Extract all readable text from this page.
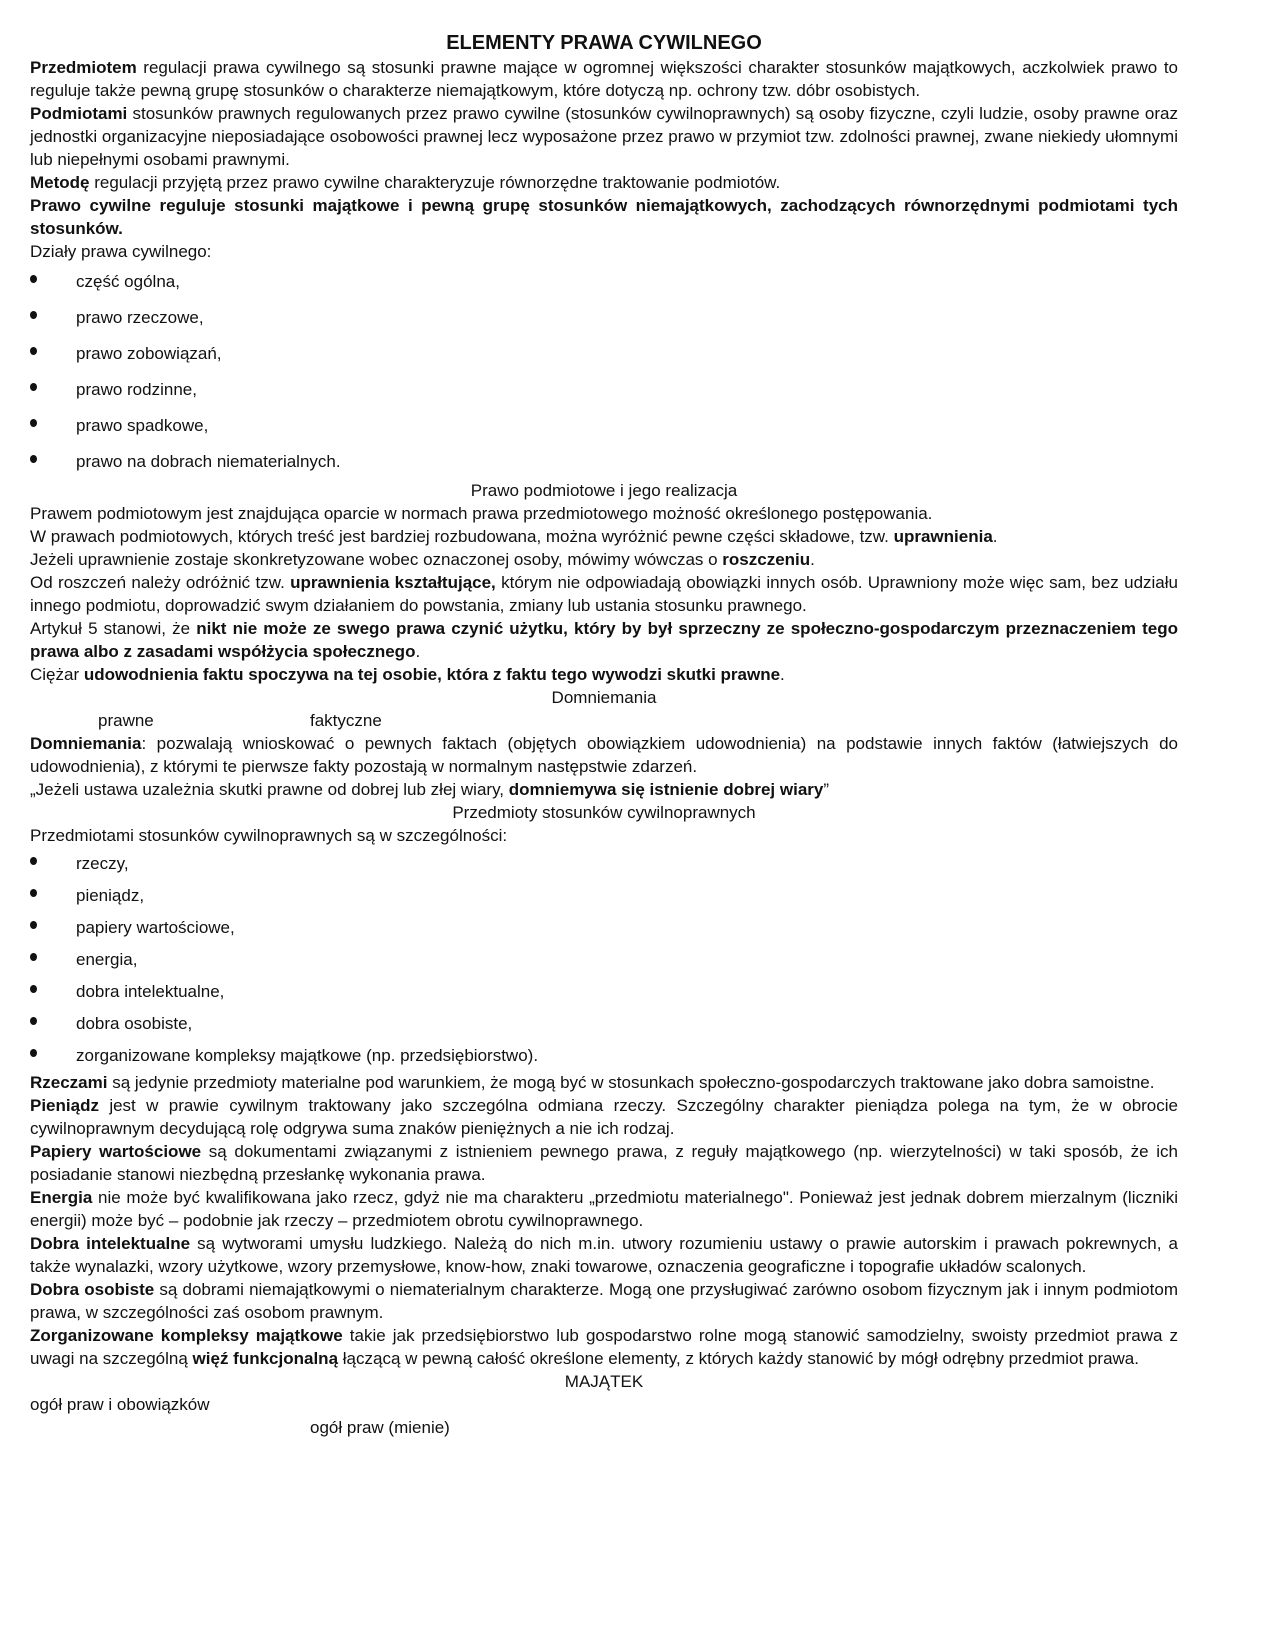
ELEMENTY PRAWA CYWILNEGO

Przedmiotem regulacji prawa cywilnego są stosunki prawne mające w ogromnej większości charakter stosunków majątkowych, aczkolwiek prawo to reguluje także pewną grupę stosunków o charakterze niemajątkowym, które dotyczą np. ochrony tzw. dóbr osobistych.

Podmiotami stosunków prawnych regulowanych przez prawo cywilne (stosunków cywilnoprawnych) są osoby fizyczne, czyli ludzie, osoby prawne oraz jednostki organizacyjne nieposiadające osobowości prawnej lecz wyposażone przez prawo w przymiot tzw. zdolności prawnej, zwane niekiedy ułomnymi lub niepełnymi osobami prawnymi.

Metodę regulacji przyjętą przez prawo cywilne charakteryzuje równorzędne traktowanie podmiotów.

Prawo cywilne reguluje stosunki majątkowe i pewną grupę stosunków niemajątkowych, zachodzących równorzędnymi podmiotami tych stosunków.

Działy prawa cywilnego:

część ogólna,
prawo rzeczowe,
prawo zobowiązań,
prawo rodzinne,
prawo spadkowe,
prawo na dobrach niematerialnych.

Prawo podmiotowe i jego realizacja

Prawem podmiotowym jest znajdująca oparcie w normach prawa przedmiotowego możność określonego postępowania.

W prawach podmiotowych, których treść jest bardziej rozbudowana, można wyróżnić pewne części składowe, tzw. uprawnienia.

Jeżeli uprawnienie zostaje skonkretyzowane wobec oznaczonej osoby, mówimy wówczas o roszczeniu.

Od roszczeń należy odróżnić tzw. uprawnienia kształtujące, którym nie odpowiadają obowiązki innych osób. Uprawniony może więc sam, bez udziału innego podmiotu, doprowadzić swym działaniem do powstania, zmiany lub ustania stosunku prawnego.

Artykuł 5 stanowi, że nikt nie może ze swego prawa czynić użytku, który by był sprzeczny ze społeczno-gospodarczym przeznaczeniem tego prawa albo z zasadami współżycia społecznego.

Ciężar udowodnienia faktu spoczywa na tej osobie, która z faktu tego wywodzi skutki prawne.

Domniemania

prawne	faktyczne

Domniemania: pozwalają wnioskować o pewnych faktach (objętych obowiązkiem udowodnienia) na podstawie innych faktów (łatwiejszych do udowodnienia), z którymi te pierwsze fakty pozostają w normalnym następstwie zdarzeń.

„Jeżeli ustawa uzależnia skutki prawne od dobrej lub złej wiary, domniemywa się istnienie dobrej wiary”

Przedmioty stosunków cywilnoprawnych

Przedmiotami stosunków cywilnoprawnych są w szczególności:

rzeczy,
pieniądz,
papiery wartościowe,
energia,
dobra intelektualne,
dobra osobiste,
zorganizowane kompleksy majątkowe (np. przedsiębiorstwo).

Rzeczami są jedynie przedmioty materialne pod warunkiem, że mogą być w stosunkach społeczno-gospodarczych traktowane jako dobra samoistne.

Pieniądz jest w prawie cywilnym traktowany jako szczególna odmiana rzeczy. Szczególny charakter pieniądza polega na tym, że w obrocie cywilnoprawnym decydującą rolę odgrywa suma znaków pieniężnych a nie ich rodzaj.

Papiery wartościowe są dokumentami związanymi z istnieniem pewnego prawa, z reguły majątkowego (np. wierzytelności) w taki sposób, że ich posiadanie stanowi niezbędną przesłankę wykonania prawa.

Energia nie może być kwalifikowana jako rzecz, gdyż nie ma charakteru „przedmiotu materialnego". Ponieważ jest jednak dobrem mierzalnym (liczniki energii) może być – podobnie jak rzeczy – przedmiotem obrotu cywilnoprawnego.

Dobra intelektualne są wytworami umysłu ludzkiego. Należą do nich m.in. utwory rozumieniu ustawy o prawie autorskim i prawach pokrewnych, a także wynalazki, wzory użytkowe, wzory przemysłowe, know-how, znaki towarowe, oznaczenia geograficzne i topografie układów scalonych.

Dobra osobiste są dobrami niemajątkowymi o niematerialnym charakterze. Mogą one przysługiwać zarówno osobom fizycznym jak i innym podmiotom prawa, w szczególności zaś osobom prawnym.

Zorganizowane kompleksy majątkowe takie jak przedsiębiorstwo lub gospodarstwo rolne mogą stanowić samodzielny, swoisty przedmiot prawa z uwagi na szczególną więź funkcjonalną łączącą w pewną całość określone elementy, z których każdy stanowić by mógł odrębny przedmiot prawa.

MAJĄTEK

ogół praw i obowiązków

ogół praw (mienie)
